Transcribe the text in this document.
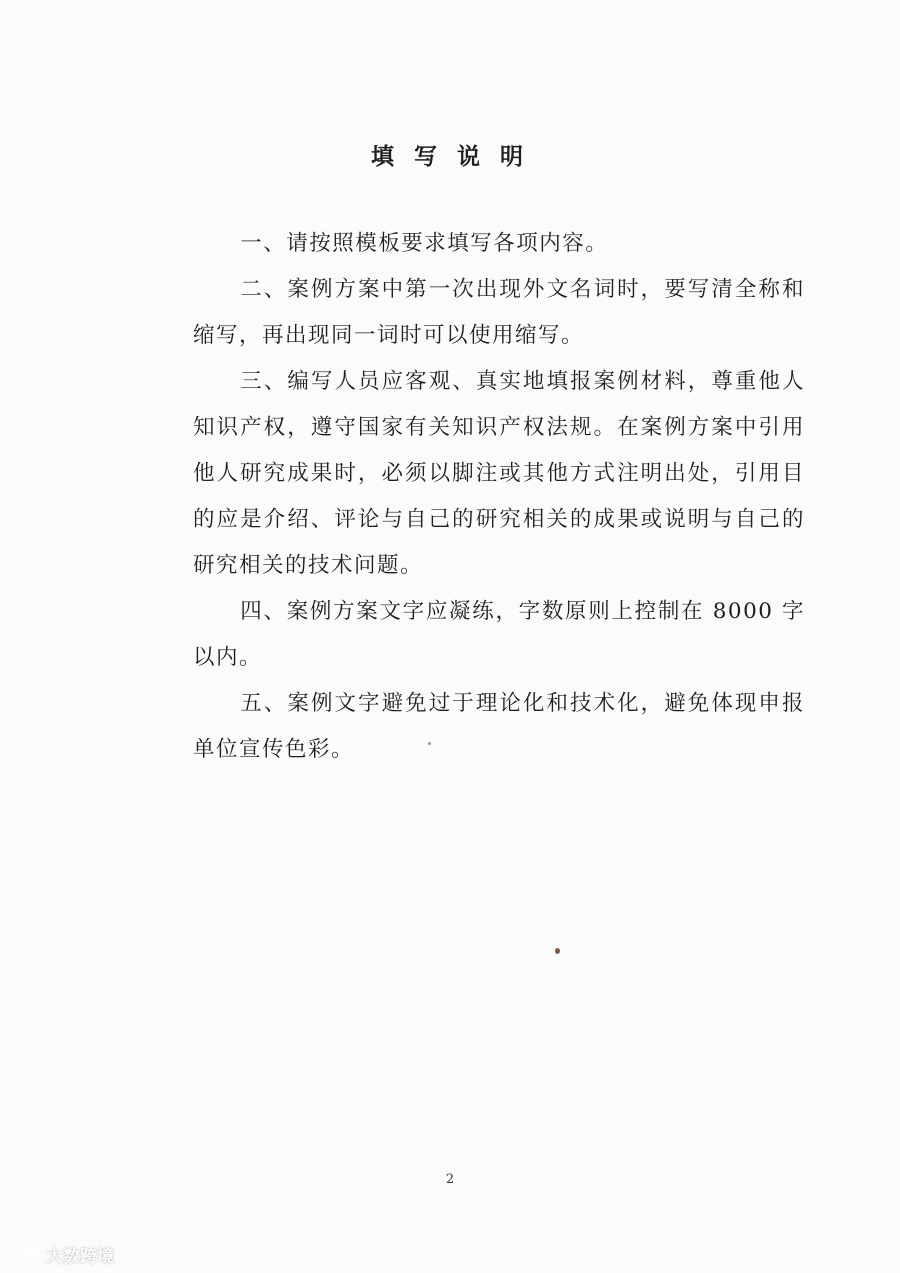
填 写 说 明

一、请按照模板要求填写各项内容。

二、案例方案中第一次出现外文名词时，要写清全称和缩写，再出现同一词时可以使用缩写。

三、编写人员应客观、真实地填报案例材料，尊重他人知识产权，遵守国家有关知识产权法规。在案例方案中引用他人研究成果时，必须以脚注或其他方式注明出处，引用目的应是介绍、评论与自己的研究相关的成果或说明与自己的研究相关的技术问题。

四、案例方案文字应凝练，字数原则上控制在 8000 字以内。

五、案例文字避免过于理论化和技术化，避免体现申报单位宣传色彩。

2
大数跨境
